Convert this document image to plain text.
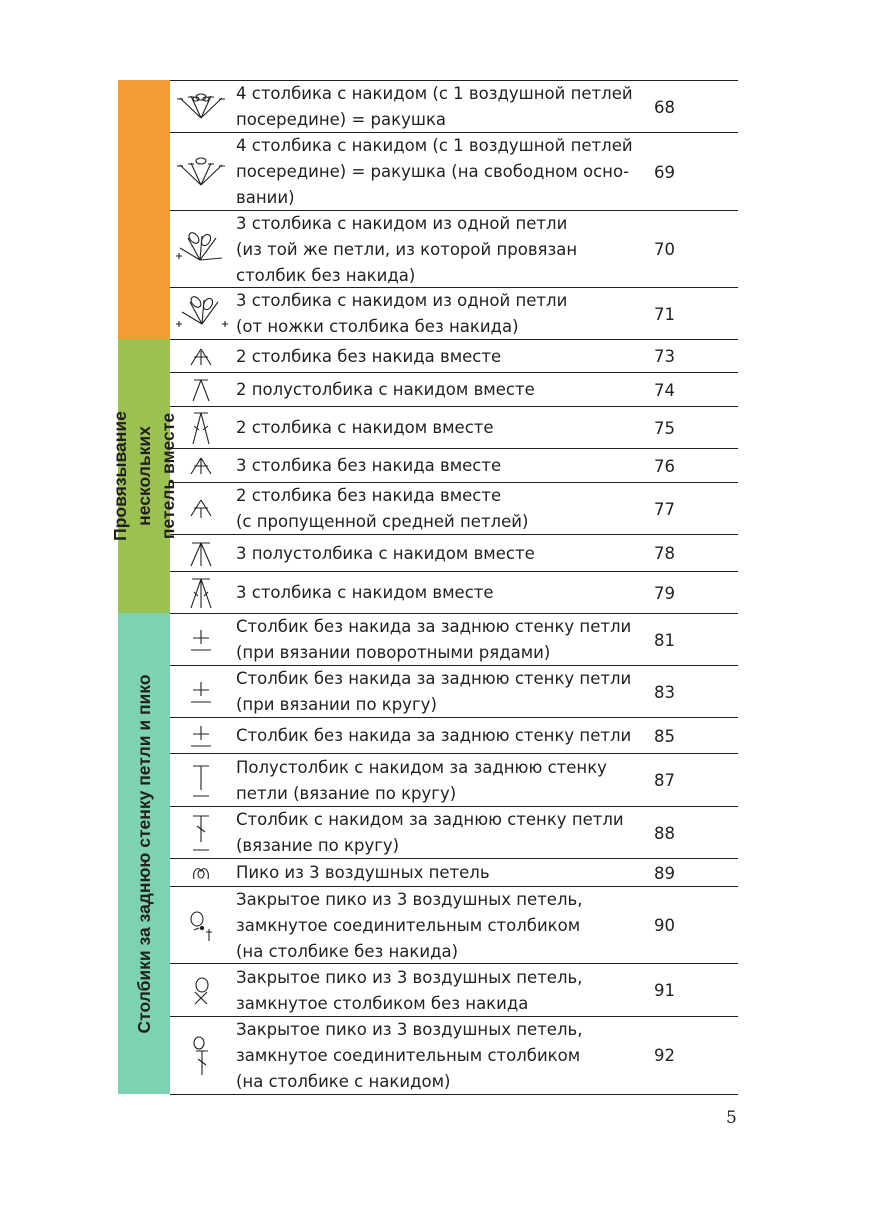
Провязывание
нескольких петель вместе
Столбики за заднюю стенку петли и пико
4 столбика с накидом (с 1 воздушной петлей
посередине) = ракушка
68
4 столбика с накидом (с 1 воздушной петлей
посередине) = ракушка (на свободном осно-
вании)
69
3 столбика с накидом из одной петли
(из той же петли, из которой провязан
столбик без накида)
70
3 столбика с накидом из одной петли
(от ножки столбика без накида)
71
2 столбика без накида вместе	73
2 полустолбика с накидом вместе	74
2 столбика с накидом вместе	75
3 столбика без накида вместе	76
2 столбика без накида вместе
(с пропущенной средней петлей)
77
3 полустолбика с накидом вместе	78
3 столбика с накидом вместе	79
Столбик без накида за заднюю стенку петли
(при вязании поворотными рядами)
81
Столбик без накида за заднюю стенку петли
(при вязании по кругу)
83
Столбик без накида за заднюю стенку петли	85
Полустолбик с накидом за заднюю стенку
петли (вязание по кругу)
87
Столбик с накидом за заднюю стенку петли
(вязание по кругу)
88
Пико из 3 воздушных петель	89
Закрытое пико из 3 воздушных петель,
замкнутое соединительным столбиком
(на столбике без накида)
90
Закрытое пико из 3 воздушных петель,
замкнутое столбиком без накида
91
Закрытое пико из 3 воздушных петель,
замкнутое соединительным столбиком
(на столбике с накидом)
92
5
